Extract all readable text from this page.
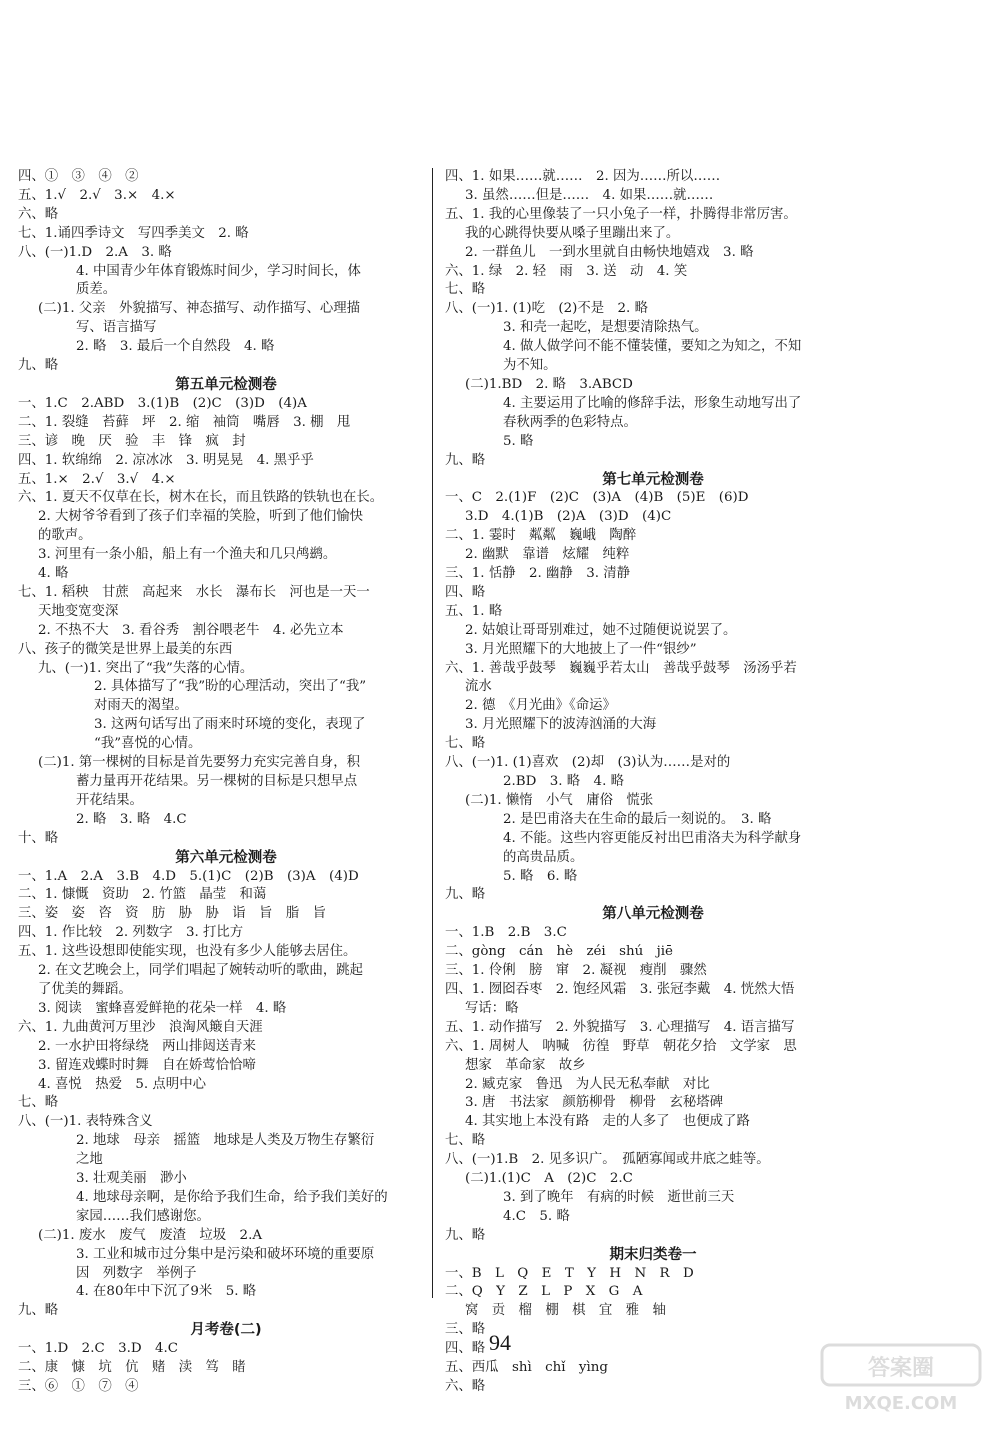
四、①　③　④　②
五、1.√　2.√　3.×　4.×
六、略
七、1.诵四季诗文　写四季美文　2. 略
八、(一)1.D　2.A　3. 略
4. 中国青少年体育锻炼时间少，学习时间长，体
质差。
(二)1. 父亲　外貌描写、神态描写、动作描写、心理描
写、语言描写
2. 略　3. 最后一个自然段　4. 略
九、略
第五单元检测卷
一、1.C　2.ABD　3.(1)B　(2)C　(3)D　(4)A
二、1. 裂缝　苔藓　坪　2. 缩　袖筒　嘴唇　3. 棚　甩
三、谚　晚　厌　验　丰　锋　疯　封
四、1. 软绵绵　2. 凉冰冰　3. 明晃晃　4. 黑乎乎
五、1.×　2.√　3.√　4.×
六、1. 夏天不仅草在长，树木在长，而且铁路的铁轨也在长。
2. 大树爷爷看到了孩子们幸福的笑脸，听到了他们愉快
的歌声。
3. 河里有一条小船，船上有一个渔夫和几只鸬鹚。
4. 略
七、1. 稻秧　甘蔗　高起来　水长　瀑布长　河也是一天一
天地变宽变深
2. 不热不大　3. 看谷秀　割谷喂老牛　4. 必先立本
八、孩子的微笑是世界上最美的东西
九、(一)1. 突出了“我”失落的心情。
2. 具体描写了“我”盼的心理活动，突出了“我”
对雨天的渴望。
3. 这两句话写出了雨来时环境的变化，表现了
“我”喜悦的心情。
(二)1. 第一棵树的目标是首先要努力充实完善自身，积
蓄力量再开花结果。另一棵树的目标是只想早点
开花结果。
2. 略　3. 略　4.C
十、略
第六单元检测卷
一、1.A　2.A　3.B　4.D　5.(1)C　(2)B　(3)A　(4)D
二、1. 慷慨　资助　2. 竹篮　晶莹　和蔼
三、姿　姿　咨　资　肪　胁　胁　诣　旨　脂　旨
四、1. 作比较　2. 列数字　3. 打比方
五、1. 这些设想即使能实现，也没有多少人能够去居住。
2. 在文艺晚会上，同学们唱起了婉转动听的歌曲，跳起
了优美的舞蹈。
3. 阅读　蜜蜂喜爱鲜艳的花朵一样　4. 略
六、1. 九曲黄河万里沙　浪淘风簸自天涯
2. 一水护田将绿绕　两山排闼送青来
3. 留连戏蝶时时舞　自在娇莺恰恰啼
4. 喜悦　热爱　5. 点明中心
七、略
八、(一)1. 表特殊含义
2. 地球　母亲　摇篮　地球是人类及万物生存繁衍
之地
3. 壮观美丽　渺小
4. 地球母亲啊，是你给予我们生命，给予我们美好的
家园……我们感谢您。
(二)1. 废水　废气　废渣　垃圾　2.A
3. 工业和城市过分集中是污染和破坏环境的重要原
因　列数字　举例子
4. 在80年中下沉了9米　5. 略
九、略
月考卷(二)
一、1.D　2.C　3.D　4.C
二、康　慷　坑　伉　赌　渎　笃　睹
三、⑥　①　⑦　④
四、1. 如果……就……　2. 因为……所以……
3. 虽然……但是……　4. 如果……就……
五、1. 我的心里像装了一只小兔子一样，扑腾得非常厉害。
我的心跳得快要从嗓子里蹦出来了。
2. 一群鱼儿　一到水里就自由畅快地嬉戏　3. 略
六、1. 绿　2. 轻　雨　3. 送　动　4. 笑
七、略
八、(一)1. (1)吃　(2)不是　2. 略
3. 和壳一起吃，是想要清除热气。
4. 做人做学问不能不懂装懂，要知之为知之，不知
为不知。
(二)1.BD　2. 略　3.ABCD
4. 主要运用了比喻的修辞手法，形象生动地写出了
春秋两季的色彩特点。
5. 略
九、略
第七单元检测卷
一、C　2.(1)F　(2)C　(3)A　(4)B　(5)E　(6)D
3.D　4.(1)B　(2)A　(3)D　(4)C
二、1. 霎时　粼粼　巍峨　陶醉
2. 幽默　靠谱　炫耀　纯粹
三、1. 恬静　2. 幽静　3. 清静
四、略
五、1. 略
2. 姑娘让哥哥别难过，她不过随便说说罢了。
3. 月光照耀下的大地披上了一件“银纱”
六、1. 善哉乎鼓琴　巍巍乎若太山　善哉乎鼓琴　汤汤乎若
流水
2. 德　《月光曲》《命运》
3. 月光照耀下的波涛汹涌的大海
七、略
八、(一)1. (1)喜欢　(2)却　(3)认为……是对的
2.BD　3. 略　4. 略
(二)1. 懒惰　小气　庸俗　慌张
2. 是巴甫洛夫在生命的最后一刻说的。　3. 略
4. 不能。这些内容更能反衬出巴甫洛夫为科学献身
的高贵品质。
5. 略　6. 略
九、略
第八单元检测卷
一、1.B　2.B　3.C
二、gòng　cán　hè　zéi　shú　jiē
三、1. 伶俐　膀　窜　2. 凝视　瘦削　骤然
四、1. 囫囵吞枣　2. 饱经风霜　3. 张冠李戴　4. 恍然大悟
写话：略
五、1. 动作描写　2. 外貌描写　3. 心理描写　4. 语言描写
六、1. 周树人　呐喊　彷徨　野草　朝花夕拾　文学家　思
想家　革命家　故乡
2. 臧克家　鲁迅　为人民无私奉献　对比
3. 唐　书法家　颜筋柳骨　柳骨　玄秘塔碑
4. 其实地上本没有路　走的人多了　也便成了路
七、略
八、(一)1.B　2. 见多识广。　孤陋寡闻或井底之蛙等。
(二)1.(1)C　A　(2)C　2.C
3. 到了晚年　有病的时候　逝世前三天
4.C　5. 略
九、略
期末归类卷一
一、B　L　Q　E　T　Y　H　N　R　D
二、Q　Y　Z　L　P　X　G　A
窝　贡　榴　棚　棋　宜　雅　轴
三、略
四、略
五、西瓜　shì　chǐ　yìng
六、略
94
答案圈
MXQE.COM
